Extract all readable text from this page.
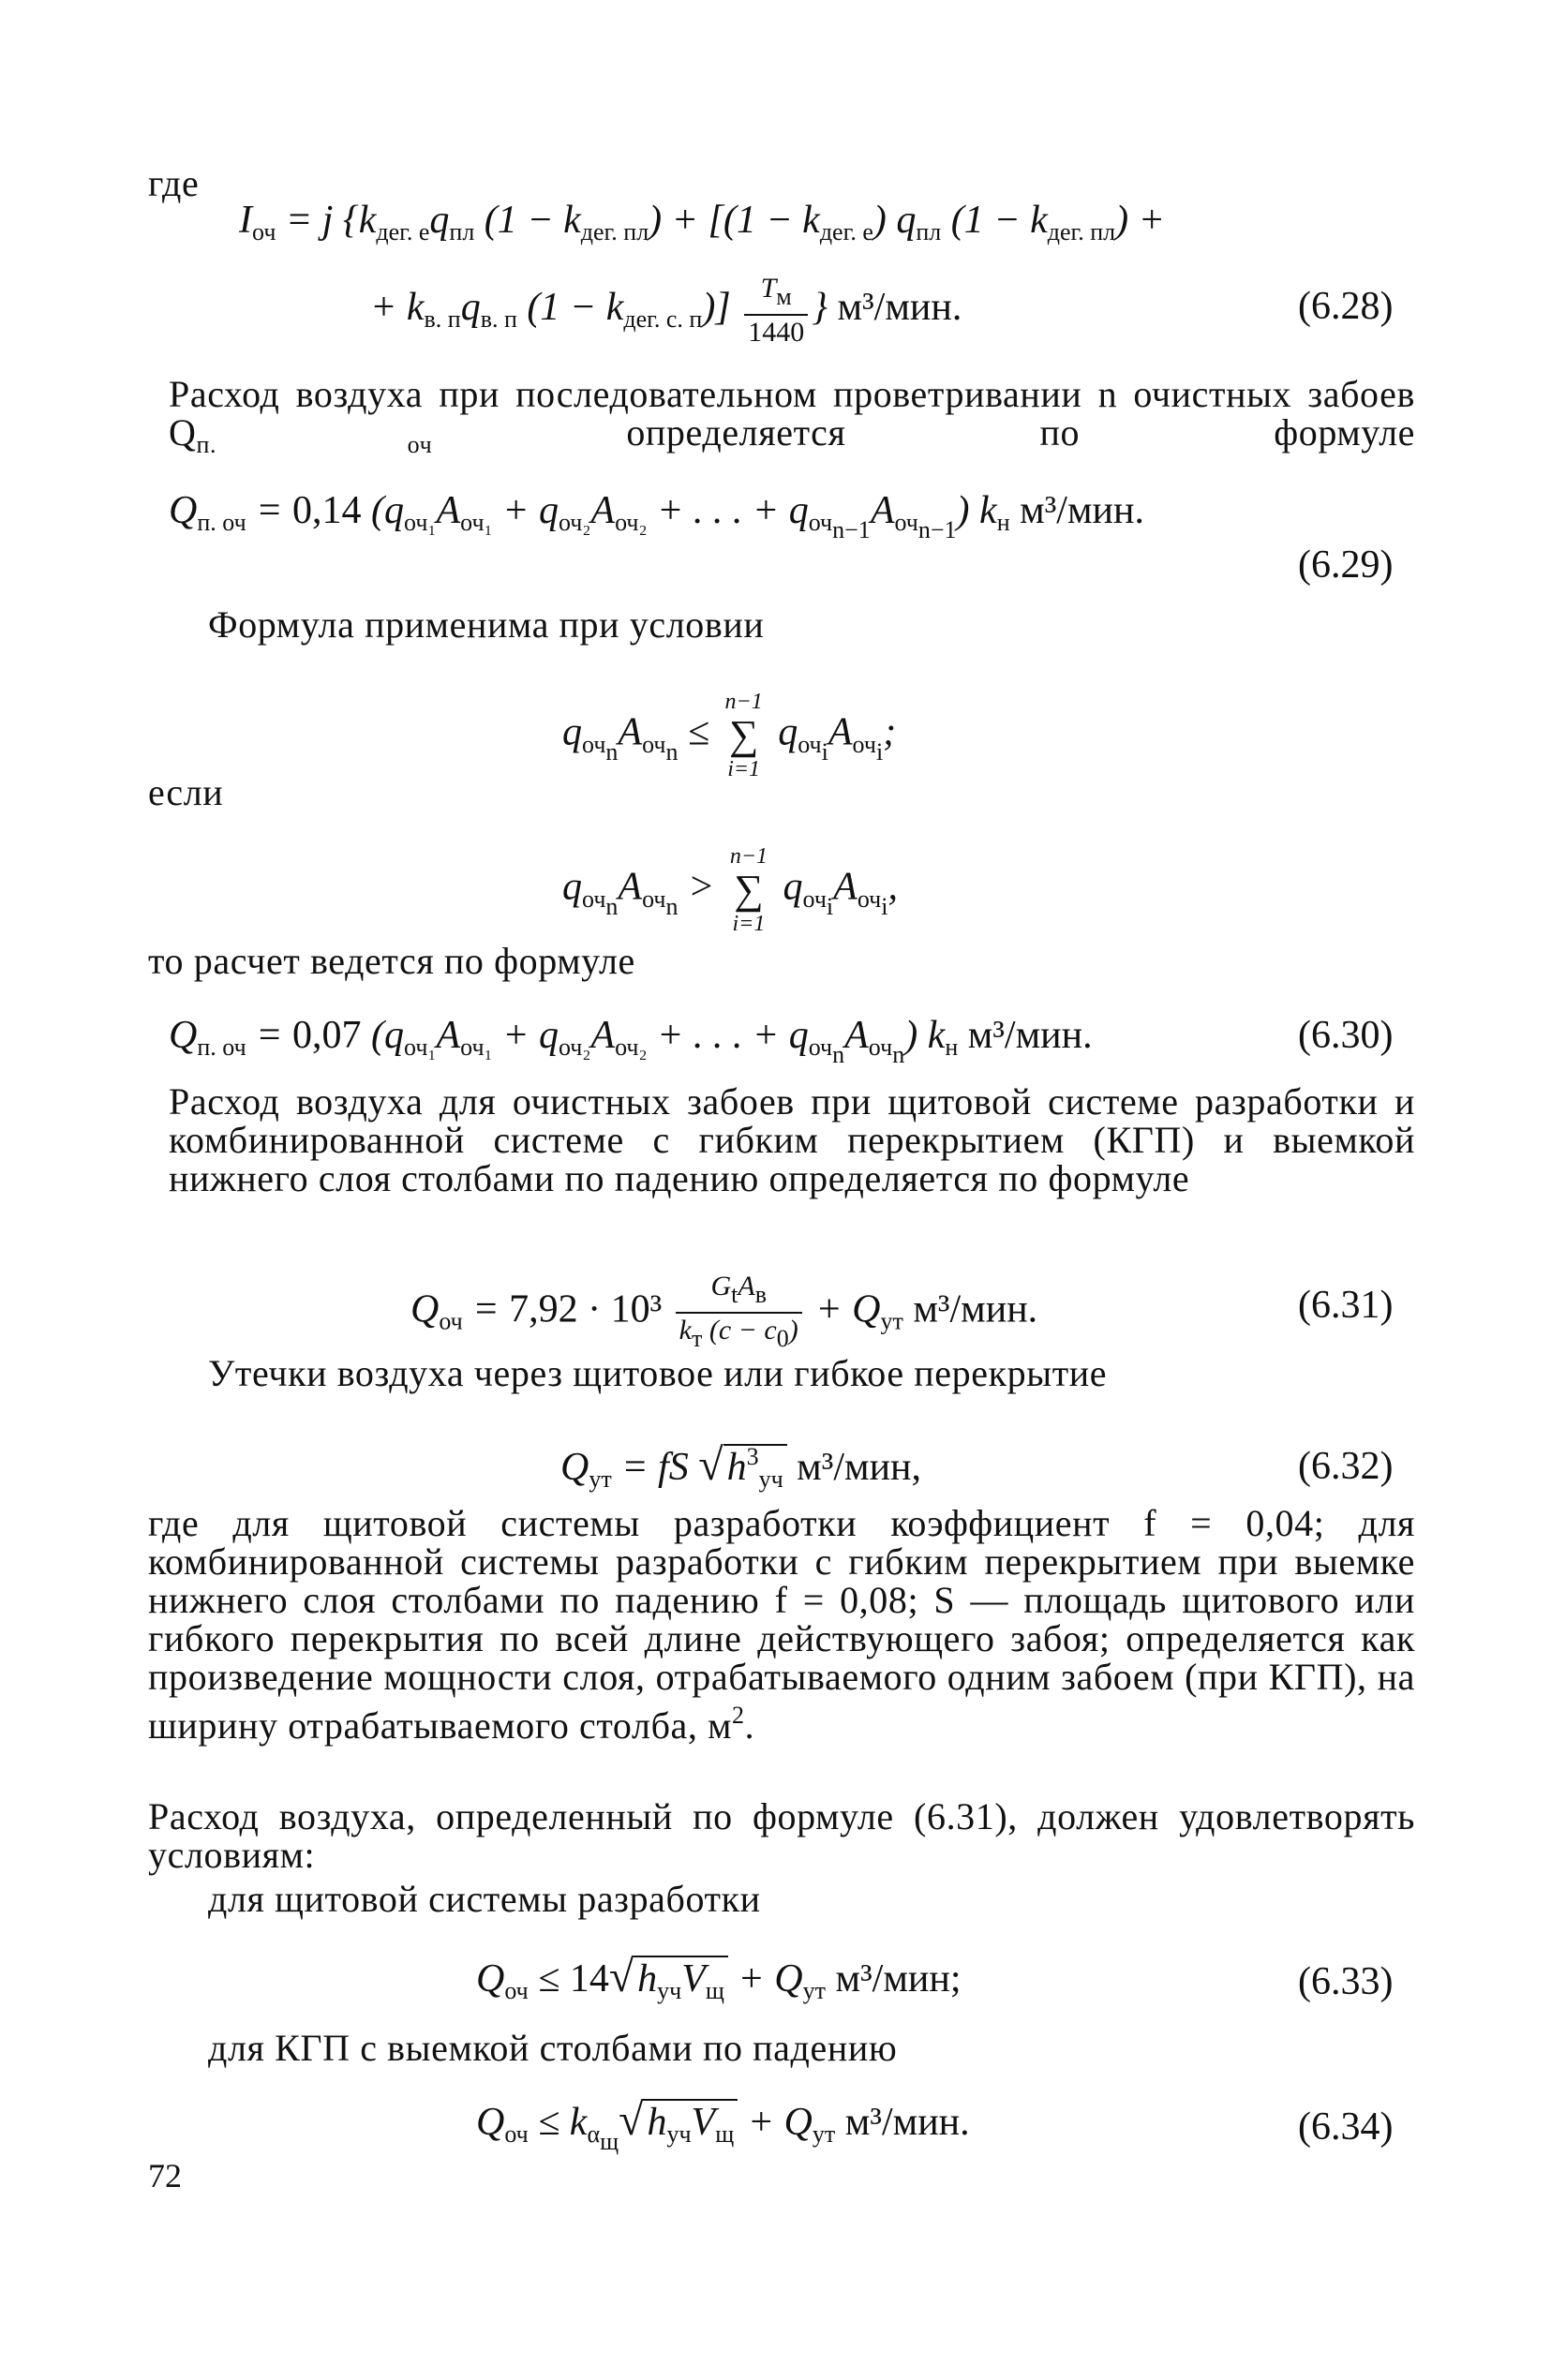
где
$I_{оч} = j$ {$k_{дег. е}q_{пл}$ $(1 - k_{дег. пл}) + [(1 - k_{дег. е})$ $q_{пл}$ $(1 - k_{дег. пл})$ +
+ $k_{в. п}q_{в. п}$ $(1 - k_{дег. с. п})] \frac{T_м}{1440}$ } м³/мин.	(6.28)
Расход воздуха при последовательном проветривании n очистных забоев $Q_{п. оч}$ определяется по формуле
$Q_{п. оч} = 0,14$ ($q_{оч_1}A_{оч_1} + q_{оч_2}A_{оч_2}$ + . . . + $q_{оч_{n-1}}A_{оч_{n-1}}$) $k_н$ м³/мин.
(6.29)
Формула применима при условии
$q_{оч_n}A_{оч_n}$ ≤
n−1
∑
i=1
$q_{оч_i}A_{оч_i}$;
если
$q_{оч_n}A_{оч_n}$ >
n−1
∑
i=1
$q_{оч_i}A_{оч_i}$,
то расчет ведется по формуле
$Q_{п. оч} = 0,07$ ($q_{оч_1}A_{оч_1} + q_{оч_2}A_{оч_2}$ + . . . + $q_{оч_n}A_{оч_n}$) $k_н$ м³/мин.	(6.30)
Расход воздуха для очистных забоев при щитовой системе разработки и комбинированной системе с гибким перекрытием (КГП) и выемкой нижнего слоя столбами по падению определяется по формуле
$Q_{оч} = 7,92 \cdot 10^3 \frac{G_tA_в}{k_т (c - c_0)} + Q_{ут}$ м³/мин.	(6.31)
Утечки воздуха через щитовое или гибкое перекрытие
$Q_{ут}$ = fS $√h^3_{уч}$ м³/мин,	(6.32)
где для щитовой системы разработки коэффициент f = 0,04; для комбинированной системы разработки с гибким перекрытием при выемке нижнего слоя столбами по падению f = 0,08; S — площадь щитового или гибкого перекрытия по всей длине действующего забоя; определяется как произведение мощности слоя, отрабатываемого одним забоем (при КГП), на ширину отрабатываемого столба, $м^2$.
Расход воздуха, определенный по формуле (6.31), должен удовлетворять условиям:
для щитовой системы разработки
$Q_{оч} \le 14√h_{уч}V_щ + Q_{ут}$ м³/мин;	(6.33)
для КГП с выемкой столбами по падению
$Q_{оч} \le k_{\alpha_щ}√h_{уч}V_щ + Q_{ут}$ м³/мин.	(6.34)
72
